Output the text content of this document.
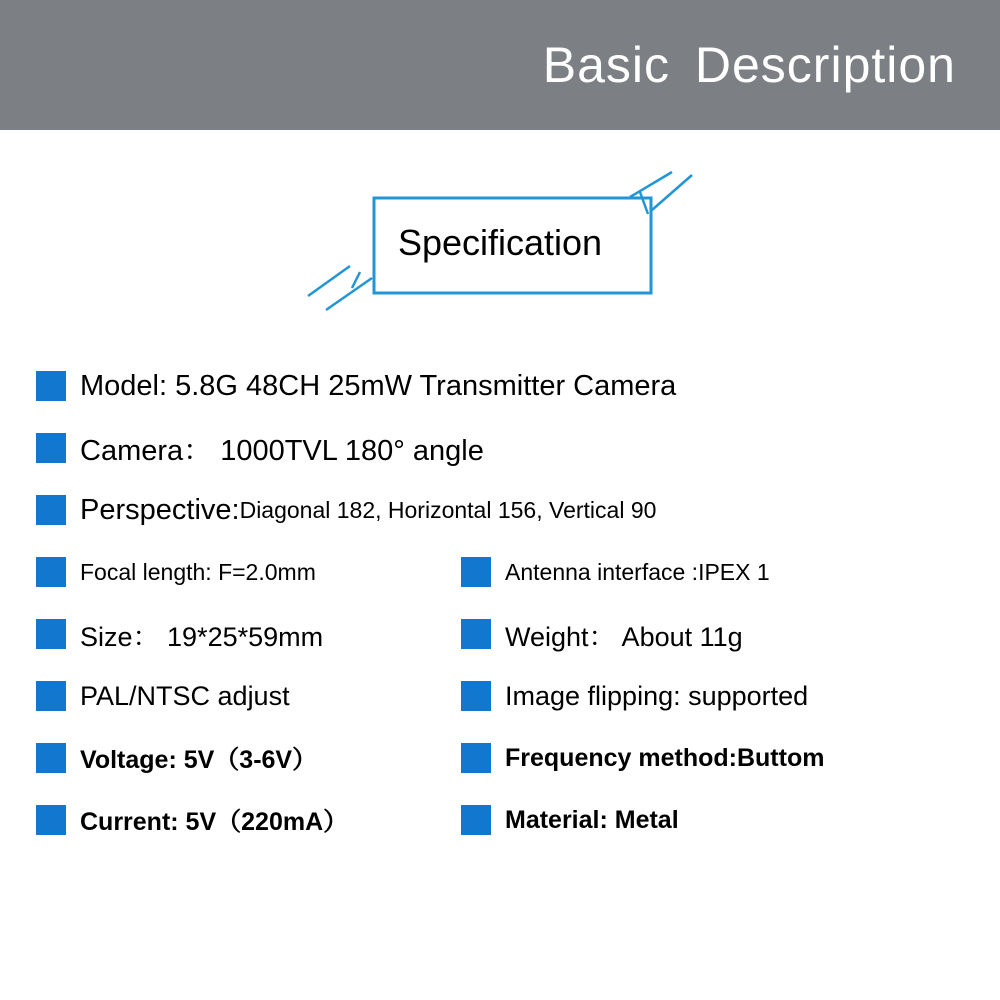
Basic Description
Specification
Model: 5.8G 48CH 25mW Transmitter Camera
Camera： 1000TVL 180° angle
Perspective: Diagonal 182, Horizontal 156, Vertical 90
Focal length: F=2.0mm	Antenna interface :IPEX 1
Size： 19*25*59mm	Weight： About 11g
PAL/NTSC adjust	Image flipping: supported
Voltage: 5V（3-6V）	Frequency method:Buttom
Current: 5V（220mA）	Material: Metal
